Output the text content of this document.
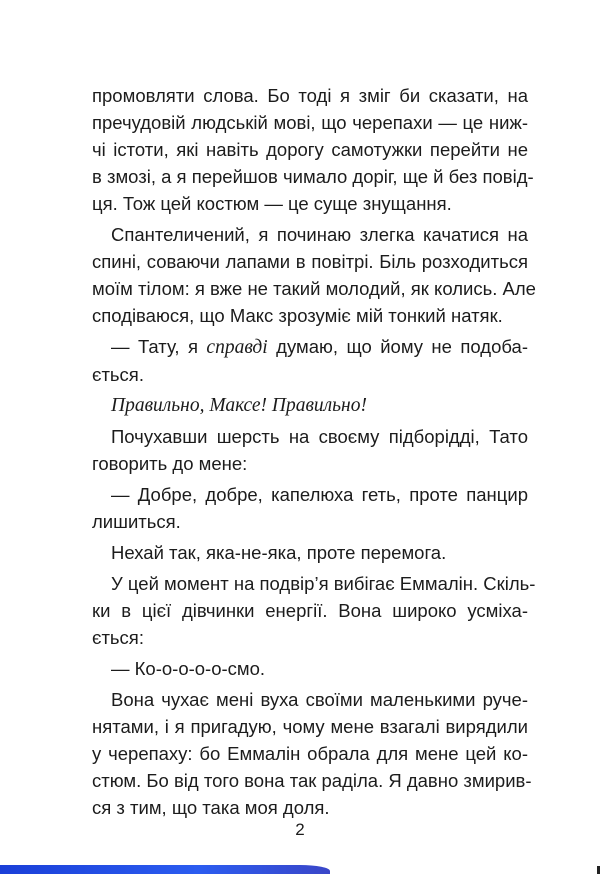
промовляти слова. Бо тоді я зміг би сказати, на
пречудовій людській мові, що черепахи — це ниж-
чі істоти, які навіть дорогу самотужки перейти не
в змозі, а я перейшов чимало доріг, ще й без повід-
ця. Тож цей костюм — це суще знущання.

Спантеличений, я починаю злегка качатися на
спині, соваючи лапами в повітрі. Біль розходиться
моїм тілом: я вже не такий молодий, як колись. Але
сподіваюся, що Макс зрозуміє мій тонкий натяк.

— Тату, я справді думаю, що йому не подоба-
ється.

Правильно, Максе! Правильно!

Почухавши шерсть на своєму підборідді, Тато
говорить до мене:

— Добре, добре, капелюха геть, проте панцир
лишиться.

Нехай так, яка-не-яка, проте перемога.

У цей момент на подвір’я вибігає Еммалін. Скіль-
ки в цієї дівчинки енергії. Вона широко усміха-
ється:

— Ко-о-о-о-о-смо.

Вона чухає мені вуха своїми маленькими руче-
нятами, і я пригадую, чому мене взагалі вирядили
у черепаху: бо Еммалін обрала для мене цей ко-
стюм. Бо від того вона так раділа. Я давно змирив-
ся з тим, що така моя доля.

2
